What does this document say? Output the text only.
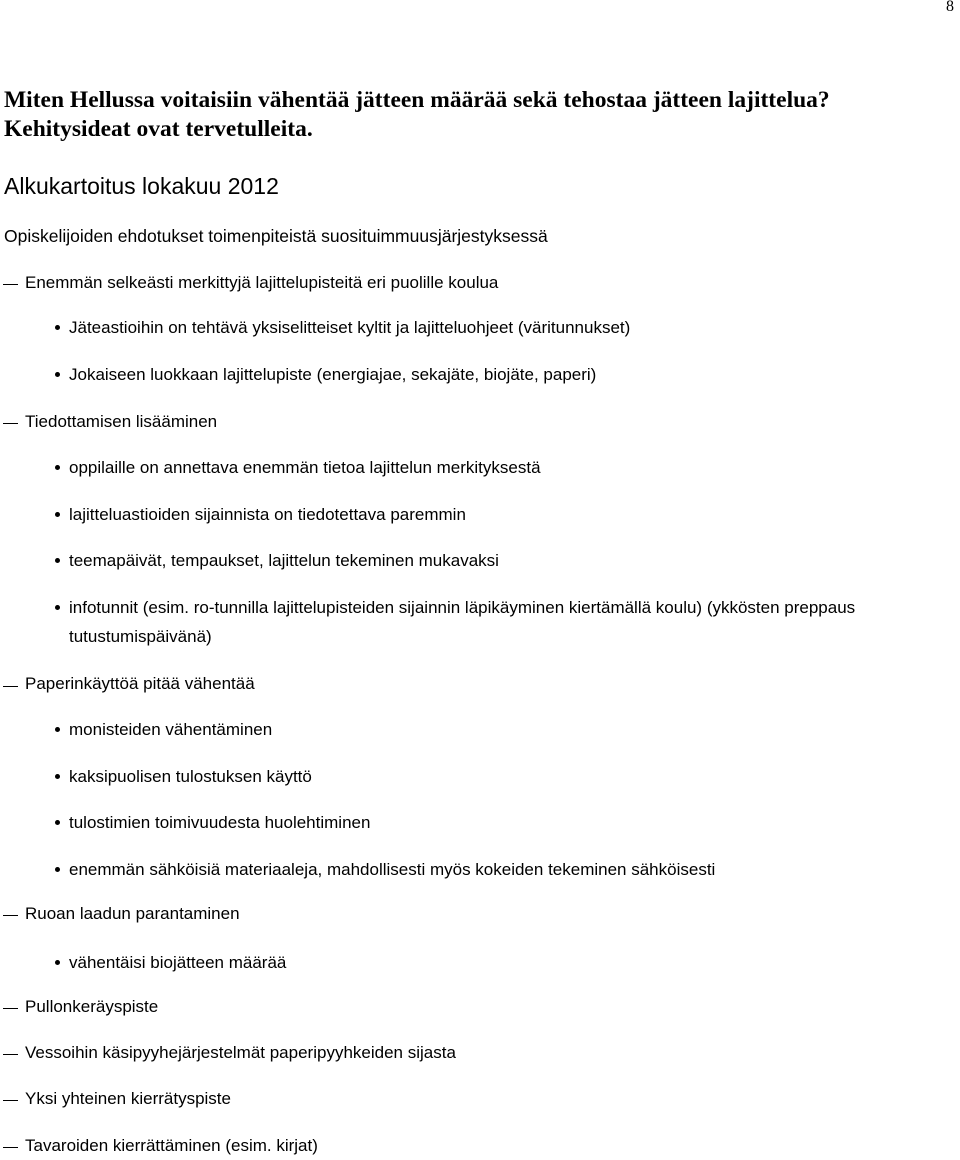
8
Miten Hellussa voitaisiin vähentää jätteen määrää sekä tehostaa jätteen lajittelua?
Kehitysideat ovat tervetulleita.
Alkukartoitus lokakuu 2012
Opiskelijoiden ehdotukset toimenpiteistä suosituimmuusjärjestyksessä
Enemmän selkeästi merkittyjä lajittelupisteitä eri puolille koulua
Jäteastioihin on tehtävä yksiselitteiset kyltit ja lajitteluohjeet (väritunnukset)
Jokaiseen luokkaan lajittelupiste (energiajae, sekajäte, biojäte, paperi)
Tiedottamisen lisääminen
oppilaille on annettava enemmän tietoa lajittelun merkityksestä
lajitteluastioiden sijainnista on tiedotettava paremmin
teemapäivät, tempaukset, lajittelun tekeminen mukavaksi
infotunnit (esim. ro-tunnilla lajittelupisteiden sijainnin läpikäyminen kiertämällä koulu) (ykkösten preppaus tutustumispäivänä)
Paperinkäyttöä pitää vähentää
monisteiden vähentäminen
kaksipuolisen tulostuksen käyttö
tulostimien toimivuudesta huolehtiminen
enemmän sähköisiä materiaaleja, mahdollisesti myös kokeiden tekeminen sähköisesti
Ruoan laadun parantaminen
vähentäisi biojätteen määrää
Pullonkeräyspiste
Vessoihin käsipyyhejärjestelmät paperipyyhkeiden sijasta
Yksi yhteinen kierrätyspiste
Tavaroiden kierrättäminen (esim. kirjat)
